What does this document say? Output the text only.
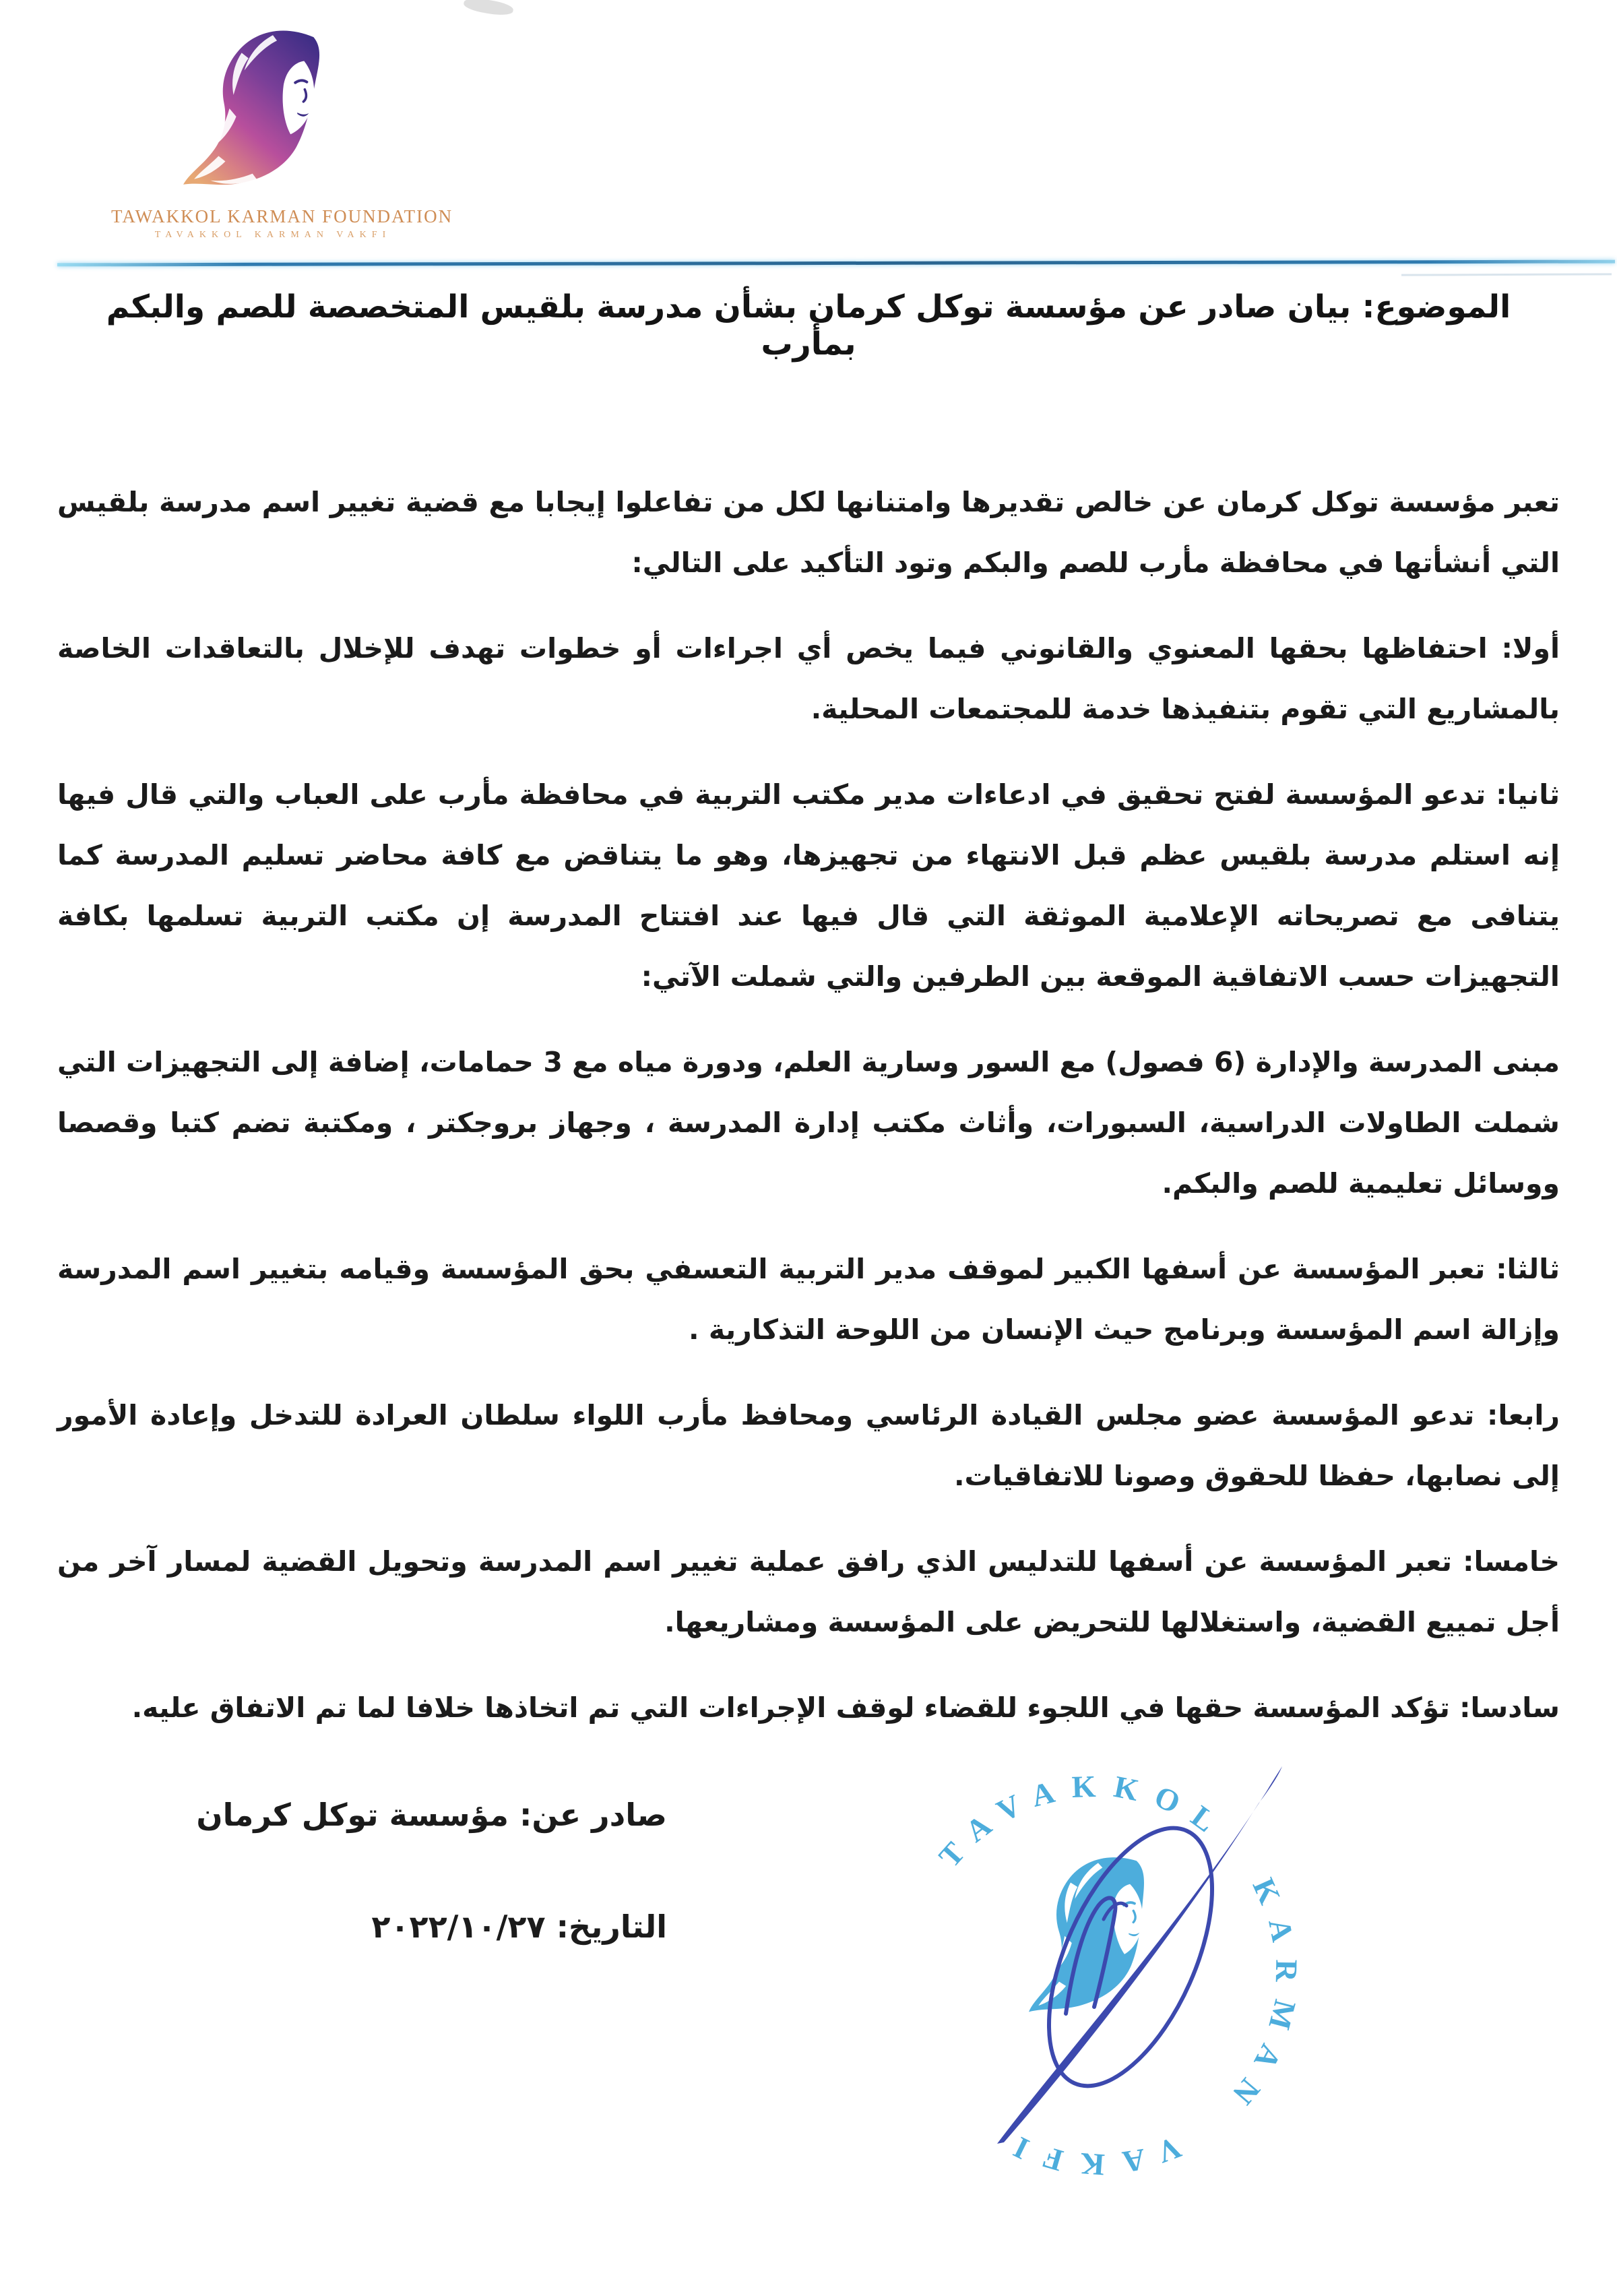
TAWAKKOL KARMAN FOUNDATION
TAVAKKOL KARMAN VAKFI
الموضوع: بيان صادر عن مؤسسة توكل كرمان بشأن مدرسة بلقيس المتخصصة للصم والبكم بمأرب

تعبر مؤسسة توكل كرمان عن خالص تقديرها وامتنانها لكل من تفاعلوا إيجابا مع قضية تغيير اسم مدرسة بلقيس التي أنشأتها في محافظة مأرب للصم والبكم وتود التأكيد على التالي:

أولا: احتفاظها بحقها المعنوي والقانوني فيما يخص أي اجراءات أو خطوات تهدف للإخلال بالتعاقدات الخاصة بالمشاريع التي تقوم بتنفيذها خدمة للمجتمعات المحلية.

ثانيا: تدعو المؤسسة لفتح تحقيق في ادعاءات مدير مكتب التربية في محافظة مأرب على العباب والتي قال فيها إنه استلم مدرسة بلقيس عظم قبل الانتهاء من تجهيزها، وهو ما يتناقض مع كافة محاضر تسليم المدرسة كما يتنافى مع تصريحاته الإعلامية الموثقة التي قال فيها عند افتتاح المدرسة إن مكتب التربية تسلمها بكافة التجهيزات حسب الاتفاقية الموقعة بين الطرفين والتي شملت الآتي:

مبنى المدرسة والإدارة (6 فصول) مع السور وسارية العلم، ودورة مياه مع 3 حمامات، إضافة إلى التجهيزات التي شملت الطاولات الدراسية، السبورات، وأثاث مكتب إدارة المدرسة ، وجهاز بروجكتر ، ومكتبة تضم كتبا وقصصا ووسائل تعليمية للصم والبكم.

ثالثا: تعبر المؤسسة عن أسفها الكبير لموقف مدير التربية التعسفي بحق المؤسسة وقيامه بتغيير اسم المدرسة وإزالة اسم المؤسسة وبرنامج حيث الإنسان من اللوحة التذكارية .

رابعا: تدعو المؤسسة عضو مجلس القيادة الرئاسي ومحافظ مأرب اللواء سلطان العرادة للتدخل وإعادة الأمور إلى نصابها، حفظا للحقوق وصونا للاتفاقيات.

خامسا: تعبر المؤسسة عن أسفها للتدليس الذي رافق عملية تغيير اسم المدرسة وتحويل القضية لمسار آخر من أجل تمييع القضية، واستغلالها للتحريض على المؤسسة ومشاريعها.

سادسا: تؤكد المؤسسة حقها في اللجوء للقضاء لوقف الإجراءات التي تم اتخاذها خلافا لما تم الاتفاق عليه.

صادر عن: مؤسسة توكل كرمان
التاريخ: ٢٠٢٢/١٠/٢٧
TAVAKKOL KARMAN VAKFI
